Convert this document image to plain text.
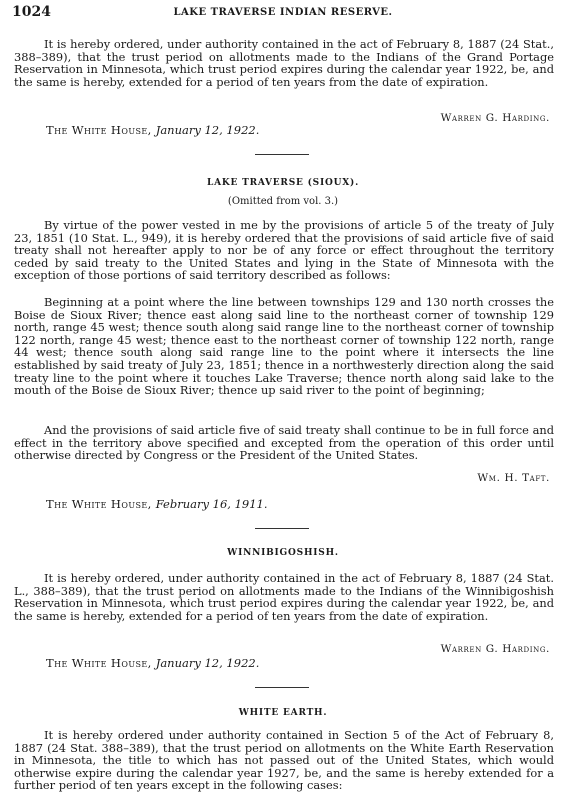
1024	LAKE TRAVERSE INDIAN RESERVE.

It is hereby ordered, under authority contained in the act of February 8, 1887 (24 Stat., 388–389), that the trust period on allotments made to the Indians of the Grand Portage Reservation in Minnesota, which trust period expires during the calendar year 1922, be, and the same is hereby, extended for a period of ten years from the date of expiration.

Warren G. Harding.
The White House, January 12, 1922.
LAKE TRAVERSE (SIOUX).
(Omitted from vol. 3.)

By virtue of the power vested in me by the provisions of article 5 of the treaty of July 23, 1851 (10 Stat. L., 949), it is hereby ordered that the provisions of said article five of said treaty shall not hereafter apply to nor be of any force or effect throughout the territory ceded by said treaty to the United States and lying in the State of Minnesota with the exception of those portions of said territory described as follows:

Beginning at a point where the line between townships 129 and 130 north crosses the Boise de Sioux River; thence east along said line to the northeast corner of township 129 north, range 45 west; thence south along said range line to the northeast corner of township 122 north, range 45 west; thence east to the northeast corner of township 122 north, range 44 west; thence south along said range line to the point where it intersects the line established by said treaty of July 23, 1851; thence in a northwesterly direction along the said treaty line to the point where it touches Lake Traverse; thence north along said lake to the mouth of the Boise de Sioux River; thence up said river to the point of beginning;

And the provisions of said article five of said treaty shall continue to be in full force and effect in the territory above specified and excepted from the operation of this order until otherwise directed by Congress or the President of the United States.

Wm. H. Taft.
The White House, February 16, 1911.
WINNIBIGOSHISH.

It is hereby ordered, under authority contained in the act of February 8, 1887 (24 Stat. L., 388–389), that the trust period on allotments made to the Indians of the Winnibigoshish Reservation in Minnesota, which trust period expires during the calendar year 1922, be, and the same is hereby, extended for a period of ten years from the date of expiration.

Warren G. Harding.
The White House, January 12, 1922.
WHITE EARTH.

It is hereby ordered under authority contained in Section 5 of the Act of February 8, 1887 (24 Stat. 388–389), that the trust period on allotments on the White Earth Reservation in Minnesota, the title to which has not passed out of the United States, which would otherwise expire during the calendar year 1927, be, and the same is hereby extended for a further period of ten years except in the following cases:
